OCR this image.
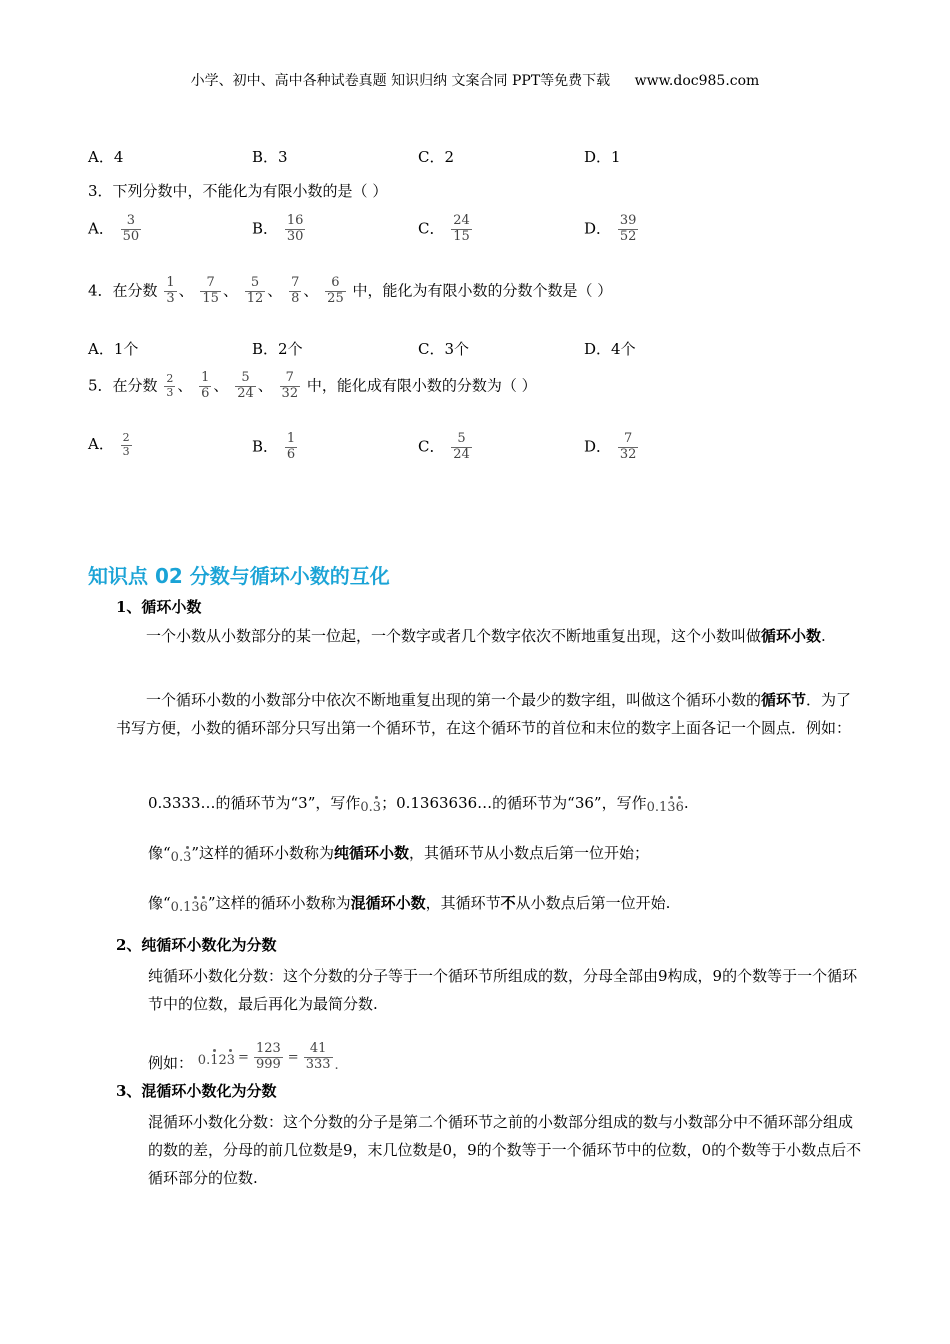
小学、初中、高中各种试卷真题 知识归纳 文案合同 PPT等免费下载 www.doc985.com
A．4	B．3	C．2	D．1
3．下列分数中，不能化为有限小数的是（ ）
A． $\frac{3}{50}$	B． $\frac{16}{30}$	C． $\frac{24}{15}$	D． $\frac{39}{52}$
4．在分数 $\frac{1}{3}$ 、 $\frac{7}{15}$ 、 $\frac{5}{12}$ 、 $\frac{7}{8}$ 、 $\frac{6}{25}$ 中，能化为有限小数的分数个数是（ ）
A．1个	B．2个	C．3个	D．4个
5．在分数 $\frac{2}{3}$ 、 $\frac{1}{6}$ 、 $\frac{5}{24}$ 、 $\frac{7}{32}$ 中，能化成有限小数的分数为（ ）
A． $\frac{2}{3}$	B． $\frac{1}{6}$	C． $\frac{5}{24}$	D． $\frac{7}{32}$
知识点 02 分数与循环小数的互化
1、循环小数
一个小数从小数部分的某一位起，一个数字或者几个数字依次不断地重复出现，这个小数叫做循环小数.
一个循环小数的小数部分中依次不断地重复出现的第一个最少的数字组，叫做这个循环小数的循环节．为了书写方便，小数的循环部分只写出第一个循环节，在这个循环节的首位和末位的数字上面各记一个圆点．例如：
0.3333…的循环节为“3”，写作0.3；0.1363636…的循环节为“36”，写作0.136.
像“0.3”这样的循环小数称为纯循环小数，其循环节从小数点后第一位开始；
像“0.136”这样的循环小数称为混循环小数，其循环节不从小数点后第一位开始.
2、纯循环小数化为分数
纯循环小数化分数：这个分数的分子等于一个循环节所组成的数，分母全部由9构成，9的个数等于一个循环节中的位数，最后再化为最简分数.
例如： $0.123 = \frac{123}{999} = \frac{41}{333}$ .
3、混循环小数化为分数
混循环小数化分数：这个分数的分子是第二个循环节之前的小数部分组成的数与小数部分中不循环部分组成的数的差，分母的前几位数是9，末几位数是0，9的个数等于一个循环节中的位数，0的个数等于小数点后不循环部分的位数.
